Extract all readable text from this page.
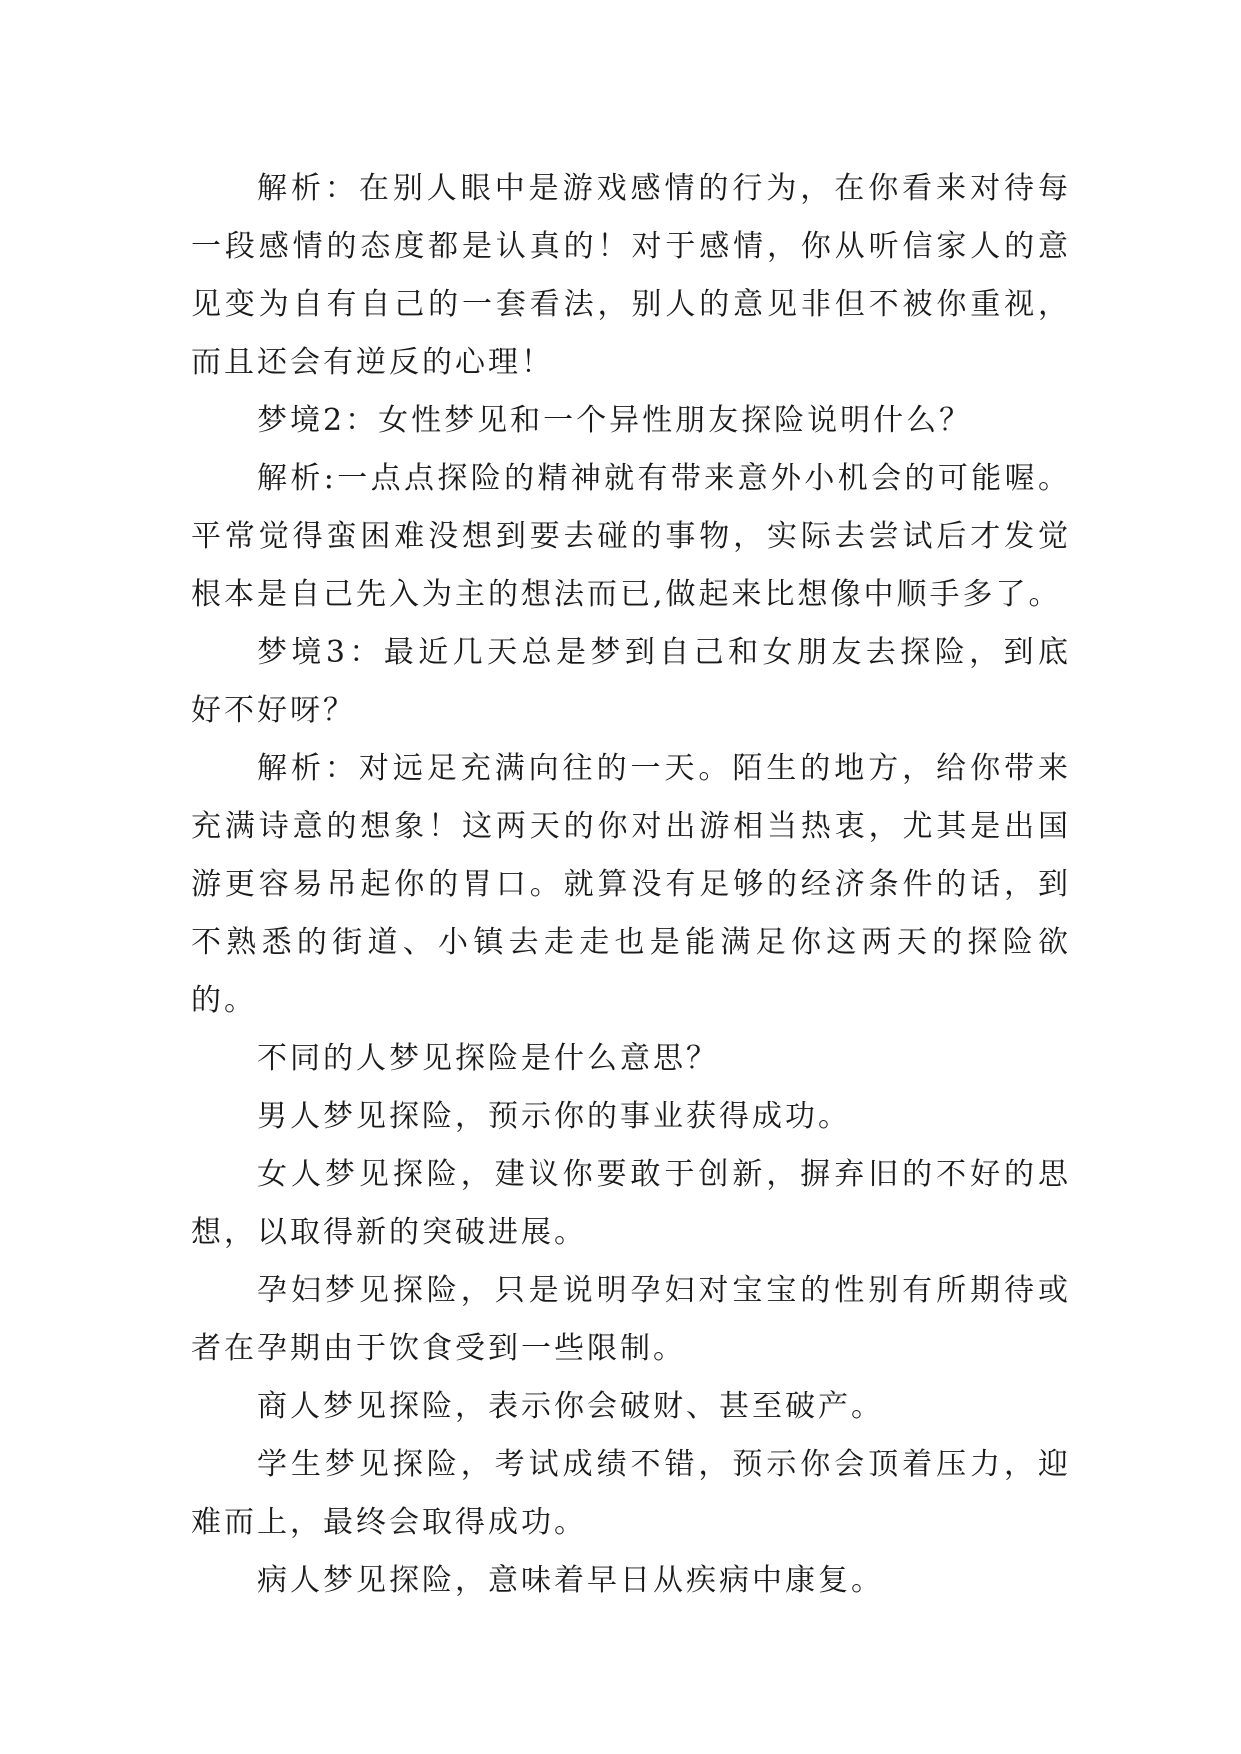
解析：在别人眼中是游戏感情的行为，在你看来对待每一段感情的态度都是认真的！对于感情，你从听信家人的意见变为自有自己的一套看法，别人的意见非但不被你重视，而且还会有逆反的心理！

梦境2：女性梦见和一个异性朋友探险说明什么？

解析:一点点探险的精神就有带来意外小机会的可能喔。平常觉得蛮困难没想到要去碰的事物，实际去尝试后才发觉根本是自己先入为主的想法而已,做起来比想像中顺手多了。

梦境3：最近几天总是梦到自己和女朋友去探险，到底好不好呀？

解析：对远足充满向往的一天。陌生的地方，给你带来充满诗意的想象！这两天的你对出游相当热衷，尤其是出国游更容易吊起你的胃口。就算没有足够的经济条件的话，到不熟悉的街道、小镇去走走也是能满足你这两天的探险欲的。

不同的人梦见探险是什么意思？

男人梦见探险，预示你的事业获得成功。

女人梦见探险，建议你要敢于创新，摒弃旧的不好的思想，以取得新的突破进展。

孕妇梦见探险，只是说明孕妇对宝宝的性别有所期待或者在孕期由于饮食受到一些限制。

商人梦见探险，表示你会破财、甚至破产。

学生梦见探险，考试成绩不错，预示你会顶着压力，迎难而上，最终会取得成功。

病人梦见探险，意味着早日从疾病中康复。
